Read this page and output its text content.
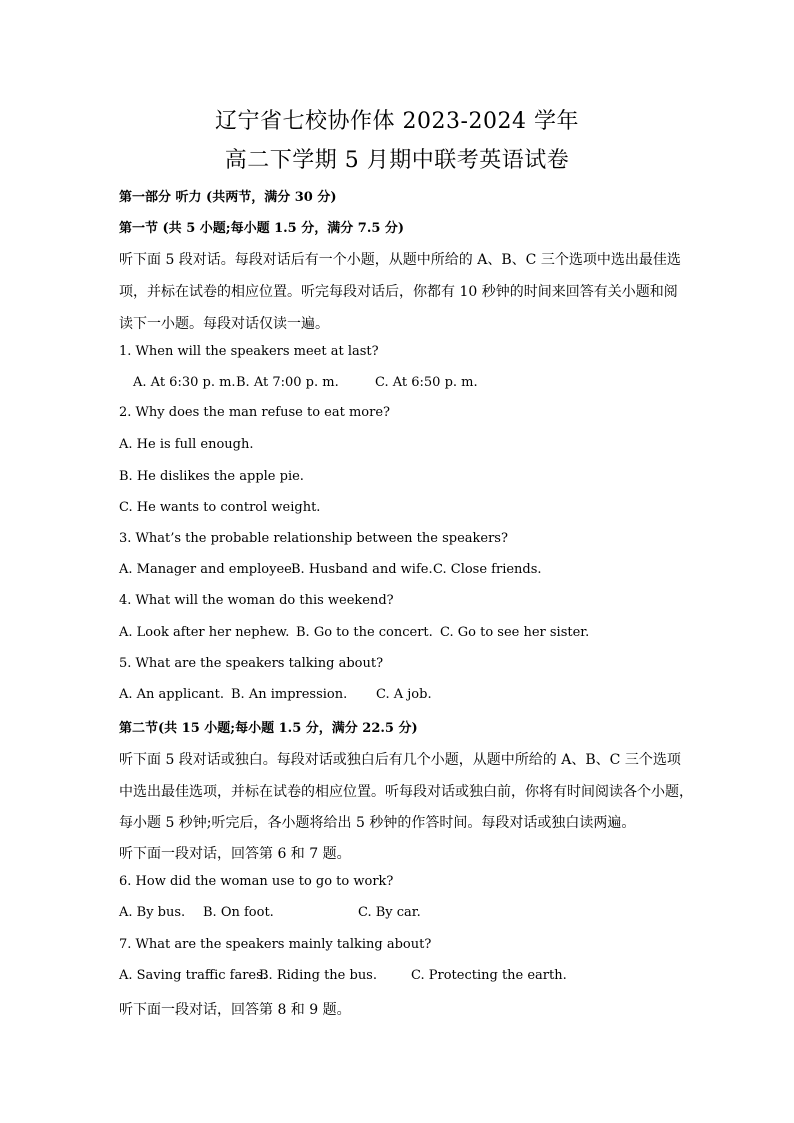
辽宁省七校协作体 2023-2024 学年
高二下学期 5 月期中联考英语试卷
第一部分 听力 (共两节，满分 30 分)
第一节 (共 5 小题;每小题 1.5 分，满分 7.5 分)
听下面 5 段对话。每段对话后有一个小题，从题中所给的 A、B、C 三个选项中选出最佳选
项，并标在试卷的相应位置。听完每段对话后，你都有 10 秒钟的时间来回答有关小题和阅
读下一小题。每段对话仅读一遍。
1. When will the speakers meet at last?
A. At 6:30 p. m. B. At 7:00 p. m.	C. At 6:50 p. m.
2. Why does the man refuse to eat more?
A. He is full enough.
B. He dislikes the apple pie.
C. He wants to control weight.
3. What’s the probable relationship between the speakers?
A. Manager and employee.
B. Husband and wife. C. Close friends.
4. What will the woman do this weekend?
A. Look after her nephew. B. Go to the concert. C. Go to see her sister.
5. What are the speakers talking about?
A. An applicant. B. An impression. C. A job.
第二节(共 15 小题;每小题 1.5 分，满分 22.5 分)
听下面 5 段对话或独白。每段对话或独白后有几个小题，从题中所给的 A、B、C 三个选项
中选出最佳选项，并标在试卷的相应位置。听每段对话或独白前，你将有时间阅读各个小题，
每小题 5 秒钟;听完后，各小题将给出 5 秒钟的作答时间。每段对话或独白读两遍。
听下面一段对话，回答第 6 和 7 题。
6. How did the woman use to go to work?
A. By bus. B. On foot.	C. By car.
7. What are the speakers mainly talking about?
A. Saving traffic fares.
B. Riding the bus.	C. Protecting the earth.
听下面一段对话，回答第 8 和 9 题。
